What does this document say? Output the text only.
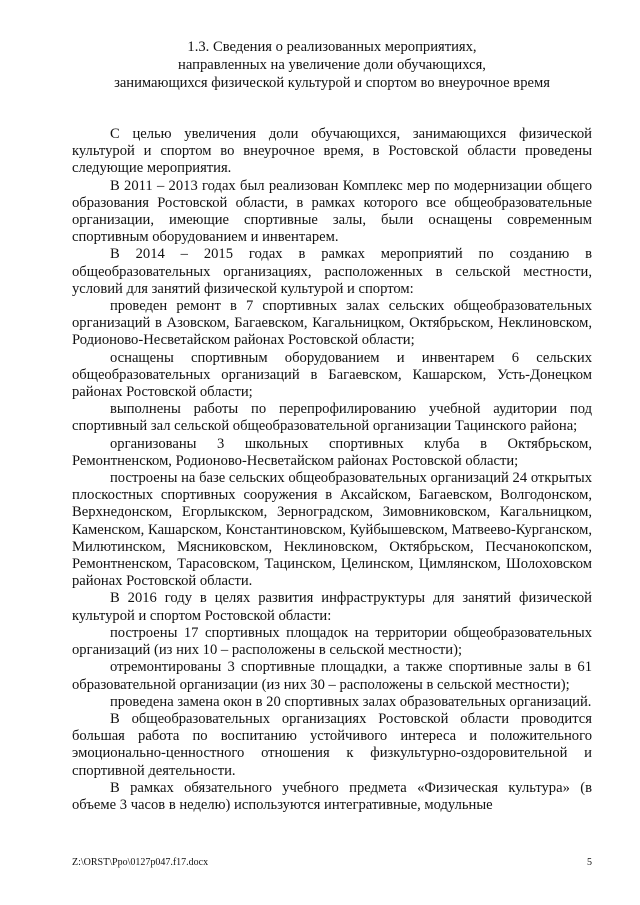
1.3. Сведения о реализованных мероприятиях,
направленных на увеличение доли обучающихся,
занимающихся физической культурой и спортом во внеурочное время

С целью увеличения доли обучающихся, занимающихся физической культурой и спортом во внеурочное время, в Ростовской области проведены следующие мероприятия.

В 2011 – 2013 годах был реализован Комплекс мер по модернизации общего образования Ростовской области, в рамках которого все общеобразовательные организации, имеющие спортивные залы, были оснащены современным спортивным оборудованием и инвентарем.

В 2014 – 2015 годах в рамках мероприятий по созданию в общеобразовательных организациях, расположенных в сельской местности, условий для занятий физической культурой и спортом:

проведен ремонт в 7 спортивных залах сельских общеобразовательных организаций в Азовском, Багаевском, Кагальницком, Октябрьском, Неклиновском, Родионово-Несветайском районах Ростовской области;

оснащены спортивным оборудованием и инвентарем 6 сельских общеобразовательных организаций в Багаевском, Кашарском, Усть-Донецком районах Ростовской области;

выполнены работы по перепрофилированию учебной аудитории под спортивный зал сельской общеобразовательной организации Тацинского района;

организованы 3 школьных спортивных клуба в Октябрьском, Ремонтненском, Родионово-Несветайском районах Ростовской области;

построены на базе сельских общеобразовательных организаций 24 открытых плоскостных спортивных сооружения в Аксайском, Багаевском, Волгодонском, Верхнедонском, Егорлыкском, Зерноградском, Зимовниковском, Кагальницком, Каменском, Кашарском, Константиновском, Куйбышевском, Матвеево-Курганском, Милютинском, Мясниковском, Неклиновском, Октябрьском, Песчанокопском, Ремонтненском, Тарасовском, Тацинском, Целинском, Цимлянском, Шолоховском районах Ростовской области.

В 2016 году в целях развития инфраструктуры для занятий физической культурой и спортом Ростовской области:

построены 17 спортивных площадок на территории общеобразовательных организаций (из них 10 – расположены в сельской местности);

отремонтированы 3 спортивные площадки, а также спортивные залы в 61 образовательной организации (из них 30 – расположены в сельской местности);

проведена замена окон в 20 спортивных залах образовательных организаций.

В общеобразовательных организациях Ростовской области проводится большая работа по воспитанию устойчивого интереса и положительного эмоционально-ценностного отношения к физкультурно-оздоровительной и спортивной деятельности.

В рамках обязательного учебного предмета «Физическая культура» (в объеме 3 часов в неделю) используются интегративные, модульные

Z:\ORST\Ppo\0127p047.f17.docx	5
